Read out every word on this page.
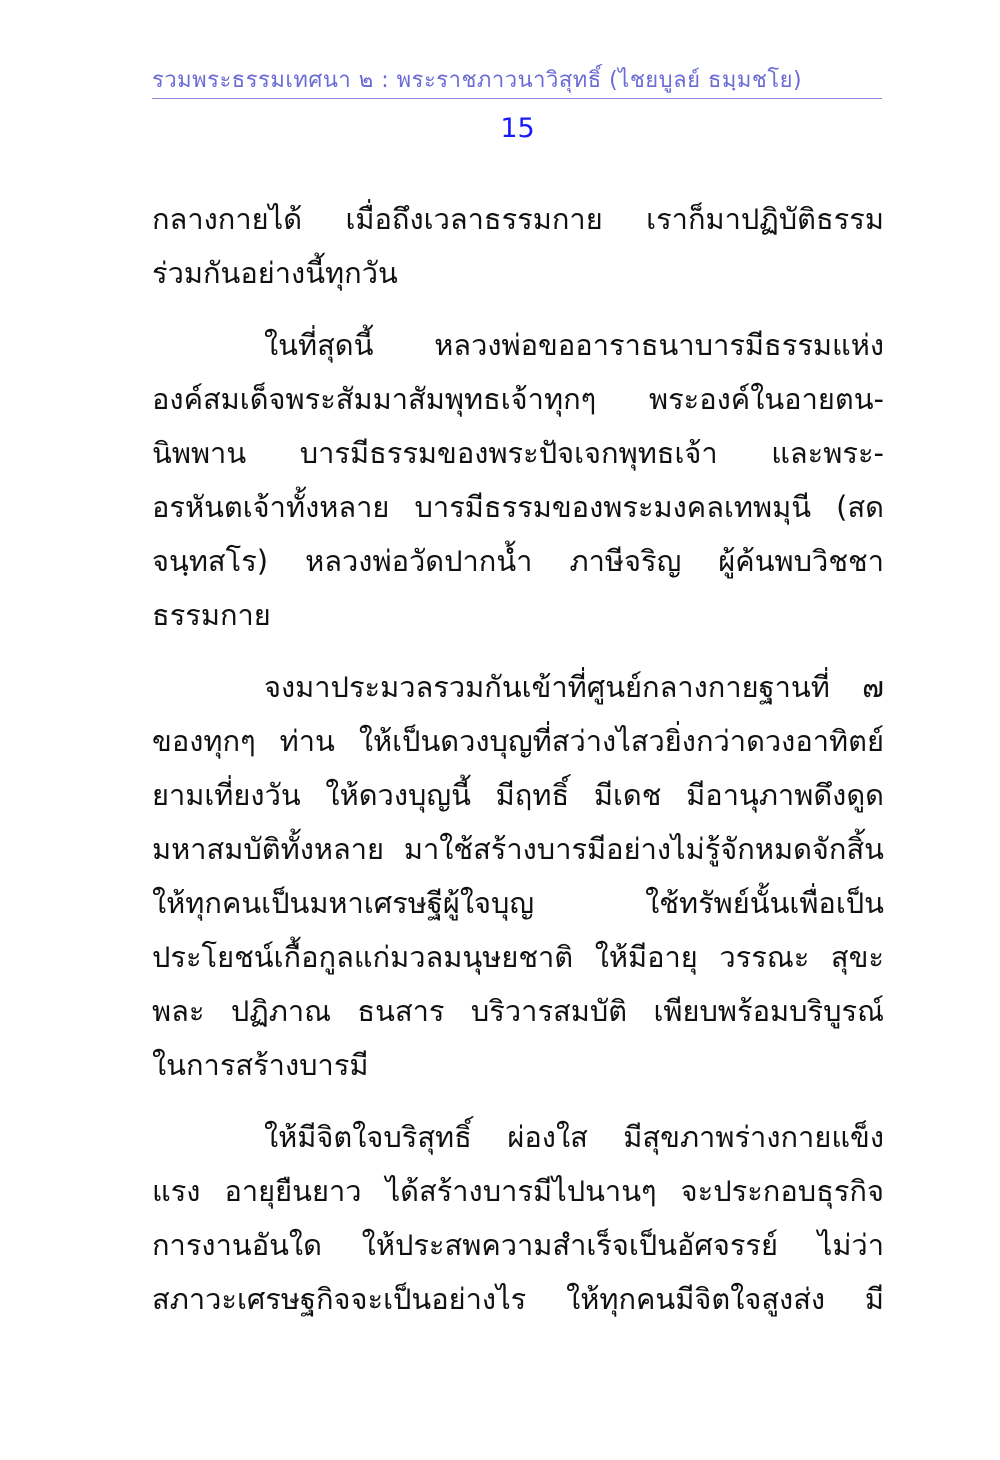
รวมพระธรรมเทศนา ๒ : พระราชภาวนาวิสุทธิ์ (ไชยบูลย์ ธมฺมชโย)
15

กลางกายได้ เมื่อถึงเวลาธรรมกาย เราก็มาปฏิบัติธรรม
ร่วมกันอย่างนี้ทุกวัน

ในที่สุดนี้ หลวงพ่อขออาราธนาบารมีธรรมแห่ง
องค์สมเด็จพระสัมมาสัมพุทธเจ้าทุกๆ พระองค์ในอายตน-
นิพพาน บารมีธรรมของพระปัจเจกพุทธเจ้า และพระ-
อรหันตเจ้าทั้งหลาย บารมีธรรมของพระมงคลเทพมุนี (สด
จนฺทสโร) หลวงพ่อวัดปากน้ำ ภาษีจริญ ผู้ค้นพบวิชชา
ธรรมกาย

จงมาประมวลรวมกันเข้าที่ศูนย์กลางกายฐานที่ ๗
ของทุกๆ ท่าน ให้เป็นดวงบุญที่สว่างไสวยิ่งกว่าดวงอาทิตย์
ยามเที่ยงวัน ให้ดวงบุญนี้ มีฤทธิ์ มีเดช มีอานุภาพดึงดูด
มหาสมบัติทั้งหลาย มาใช้สร้างบารมีอย่างไม่รู้จักหมดจักสิ้น
ให้ทุกคนเป็นมหาเศรษฐีผู้ใจบุญ ใช้ทรัพย์นั้นเพื่อเป็น
ประโยชน์เกื้อกูลแก่มวลมนุษยชาติ ให้มีอายุ วรรณะ สุขะ
พละ ปฏิภาณ ธนสาร บริวารสมบัติ เพียบพร้อมบริบูรณ์
ในการสร้างบารมี

ให้มีจิตใจบริสุทธิ์ ผ่องใส มีสุขภาพร่างกายแข็ง
แรง อายุยืนยาว ได้สร้างบารมีไปนานๆ จะประกอบธุรกิจ
การงานอันใด ให้ประสพความสำเร็จเป็นอัศจรรย์ ไม่ว่า
สภาวะเศรษฐกิจจะเป็นอย่างไร ให้ทุกคนมีจิตใจสูงส่ง มี
